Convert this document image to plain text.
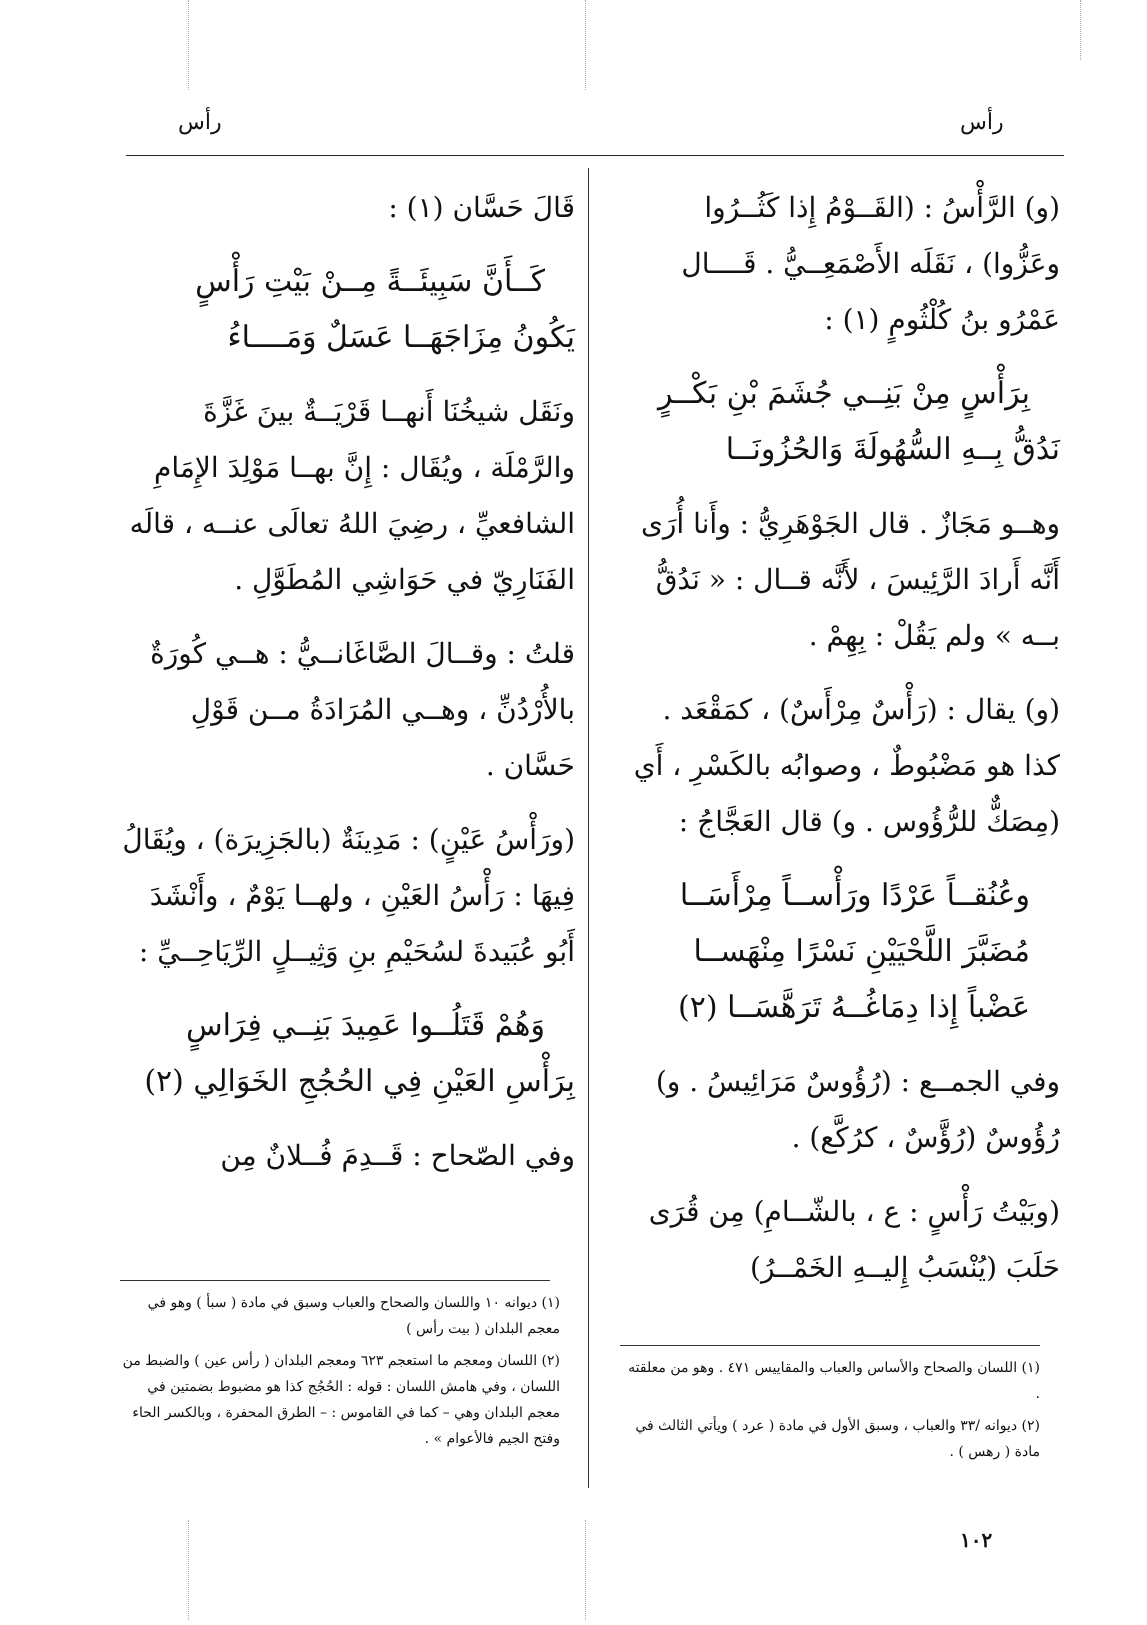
رأس	رأس

(و) الرَّأْسُ : (القَــوْمُ إِذا كَثُــرُوا وعَزُّوا) ، نَقَلَه الأَصْمَعِــيُّ . قَــــال عَمْرُو بنُ كُلْثُومٍ (١) :

بِرَأْسٍ مِنْ بَنِــي جُشَمَ بْنِ بَكْــرٍ
نَدُقُّ بِــهِ السُّهُولَةَ وَالحُزُونَــا

وهــو مَجَازٌ . قال الجَوْهَرِيُّ : وأَنا أُرَى أَنَّه أَرادَ الرَّئِيسَ ، لأَنَّه قــال : « نَدُقُّ بــه » ولم يَقُلْ : بِهِمْ .

(و) يقال : (رَأْسٌ مِرْأَسٌ) ، كمَقْعَد . كذا هو مَضْبُوطٌ ، وصوابُه بالكَسْرِ ، أَي (مِصَكٌّ للرُّؤُوس . و) قال العَجَّاجُ :

وعُنُقــاً عَرْدًا ورَأْســاً مِرْأَسَــا
مُضَبَّرَ اللَّحْيَيْنِ نَسْرًا مِنْهَســا
عَضْباً إِذا دِمَاغُــهُ تَرَهَّسَــا (٢)

وفي الجمــع : (رُؤُوسٌ مَرَائِيسُ . و) رُؤُوسٌ (رُؤَّسٌ ، كرُكَّع) .

(وبَيْتُ رَأْسٍ : ع ، بالشّــامِ) مِن قُرَى حَلَبَ (يُنْسَبُ إِليــهِ الخَمْــرُ)

قَالَ حَسَّان (١) :

كَــأَنَّ سَبِيئَــةً مِــنْ بَيْتِ رَأْسٍ
يَكُونُ مِزَاجَهَــا عَسَلٌ وَمَــــاءُ

ونَقَل شيخُنَا أَنهــا قَرْيَــةٌ بينَ غَزَّةَ والرَّمْلَة ، ويُقَال : إِنَّ بهــا مَوْلِدَ الإِمَامِ الشافعيِّ ، رضِيَ اللهُ تعالَى عنــه ، قالَه الفَنَارِيّ في حَوَاشِي المُطَوَّلِ .

قلتُ : وقــالَ الصَّاغَانــيُّ : هــي كُورَةٌ بالأُرْدُنِّ ، وهــي المُرَادَةُ مــن قَوْلِ حَسَّان .

(ورَأْسُ عَيْنٍ) : مَدِينَةٌ (بالجَزِيرَة) ، ويُقَالُ فِيهَا : رَأْسُ العَيْنِ ، ولهــا يَوْمٌ ، وأَنْشَدَ أَبُو عُبَيدةَ لسُحَيْمِ بنِ وَثِيــلٍ الرِّيَاحِــيِّ :

وَهُمْ قَتَلُــوا عَمِيدَ بَنِــي فِرَاسٍ
بِرَأْسِ العَيْنِ فِي الحُجُجِ الخَوَالِي (٢)

وفي الصّحاح : قَــدِمَ فُــلانٌ مِن

(١) ديوانه ١٠ واللسان والصحاح والعباب وسبق في مادة ( سبأ ) وهو في معجم البلدان ( بيت رأس )

(٢) اللسان ومعجم ما استعجم ٦٢٣ ومعجم البلدان ( رأس عين ) والضبط من اللسان ، وفي هامش اللسان : قوله : الحُجُج كذا هو مضبوط بضمتين في معجم البلدان وهي – كما في القاموس : – الطرق المحفرة ، وبالكسر الحاء وفتح الجيم فالأعوام » .

(١) اللسان والصحاح والأساس والعباب والمقاييس ٤٧١ . وهو من معلقته .

(٢) ديوانه /٣٣ والعباب ، وسبق الأول في مادة ( عرد ) ويأتي الثالث في مادة ( رهس ) .

١٠٢
